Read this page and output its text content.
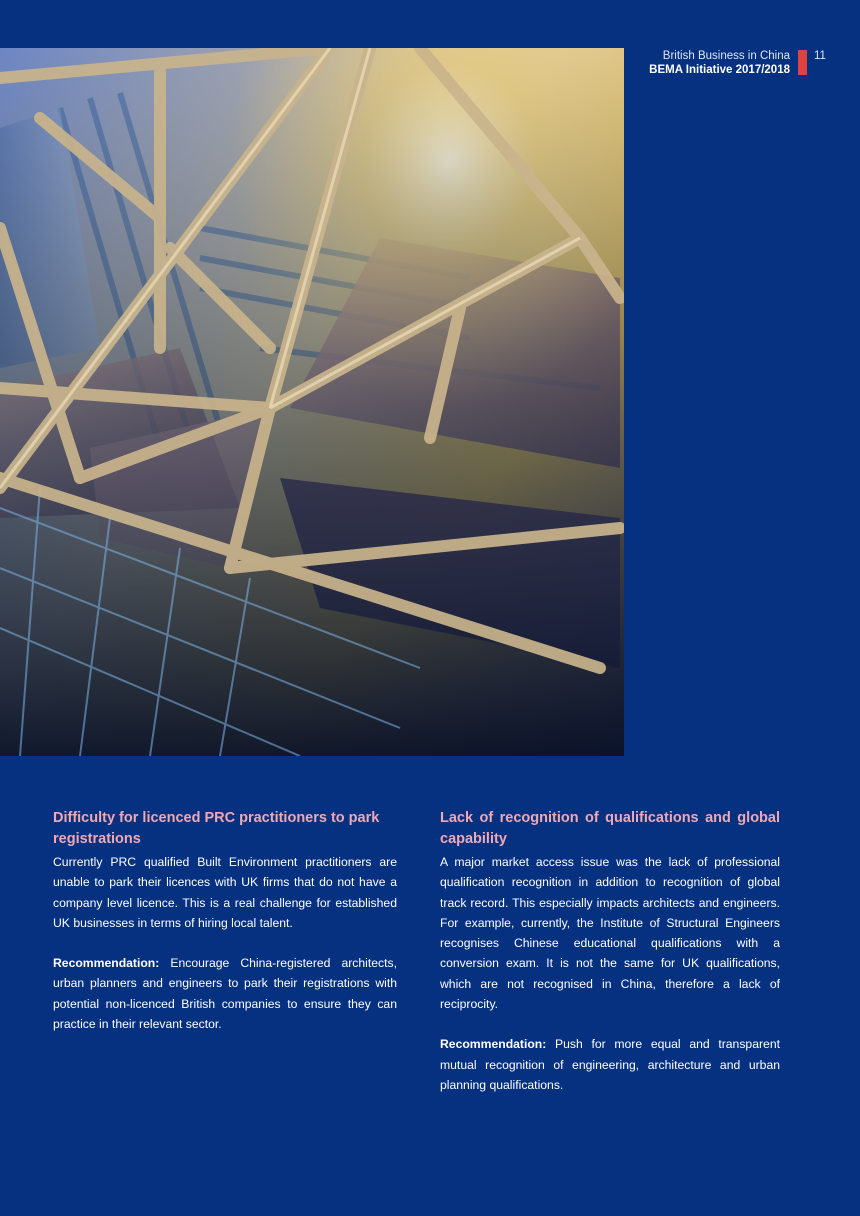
British Business in China
BEMA Initiative 2017/2018
11
Difficulty for licenced PRC practitioners to park registrations

Currently PRC qualified Built Environment practitioners are unable to park their licences with UK firms that do not have a company level licence. This is a real challenge for established UK businesses in terms of hiring local talent.

Recommendation: Encourage China-registered architects, urban planners and engineers to park their registrations with potential non-licenced British companies to ensure they can practice in their relevant sector.

Lack of recognition of qualifications and global capability

A major market access issue was the lack of professional qualification recognition in addition to recognition of global track record. This especially impacts architects and engineers. For example, currently, the Institute of Structural Engineers recognises Chinese educational qualifications with a conversion exam. It is not the same for UK qualifications, which are not recognised in China, therefore a lack of reciprocity.

Recommendation: Push for more equal and transparent mutual recognition of engineering, architecture and urban planning qualifications.
